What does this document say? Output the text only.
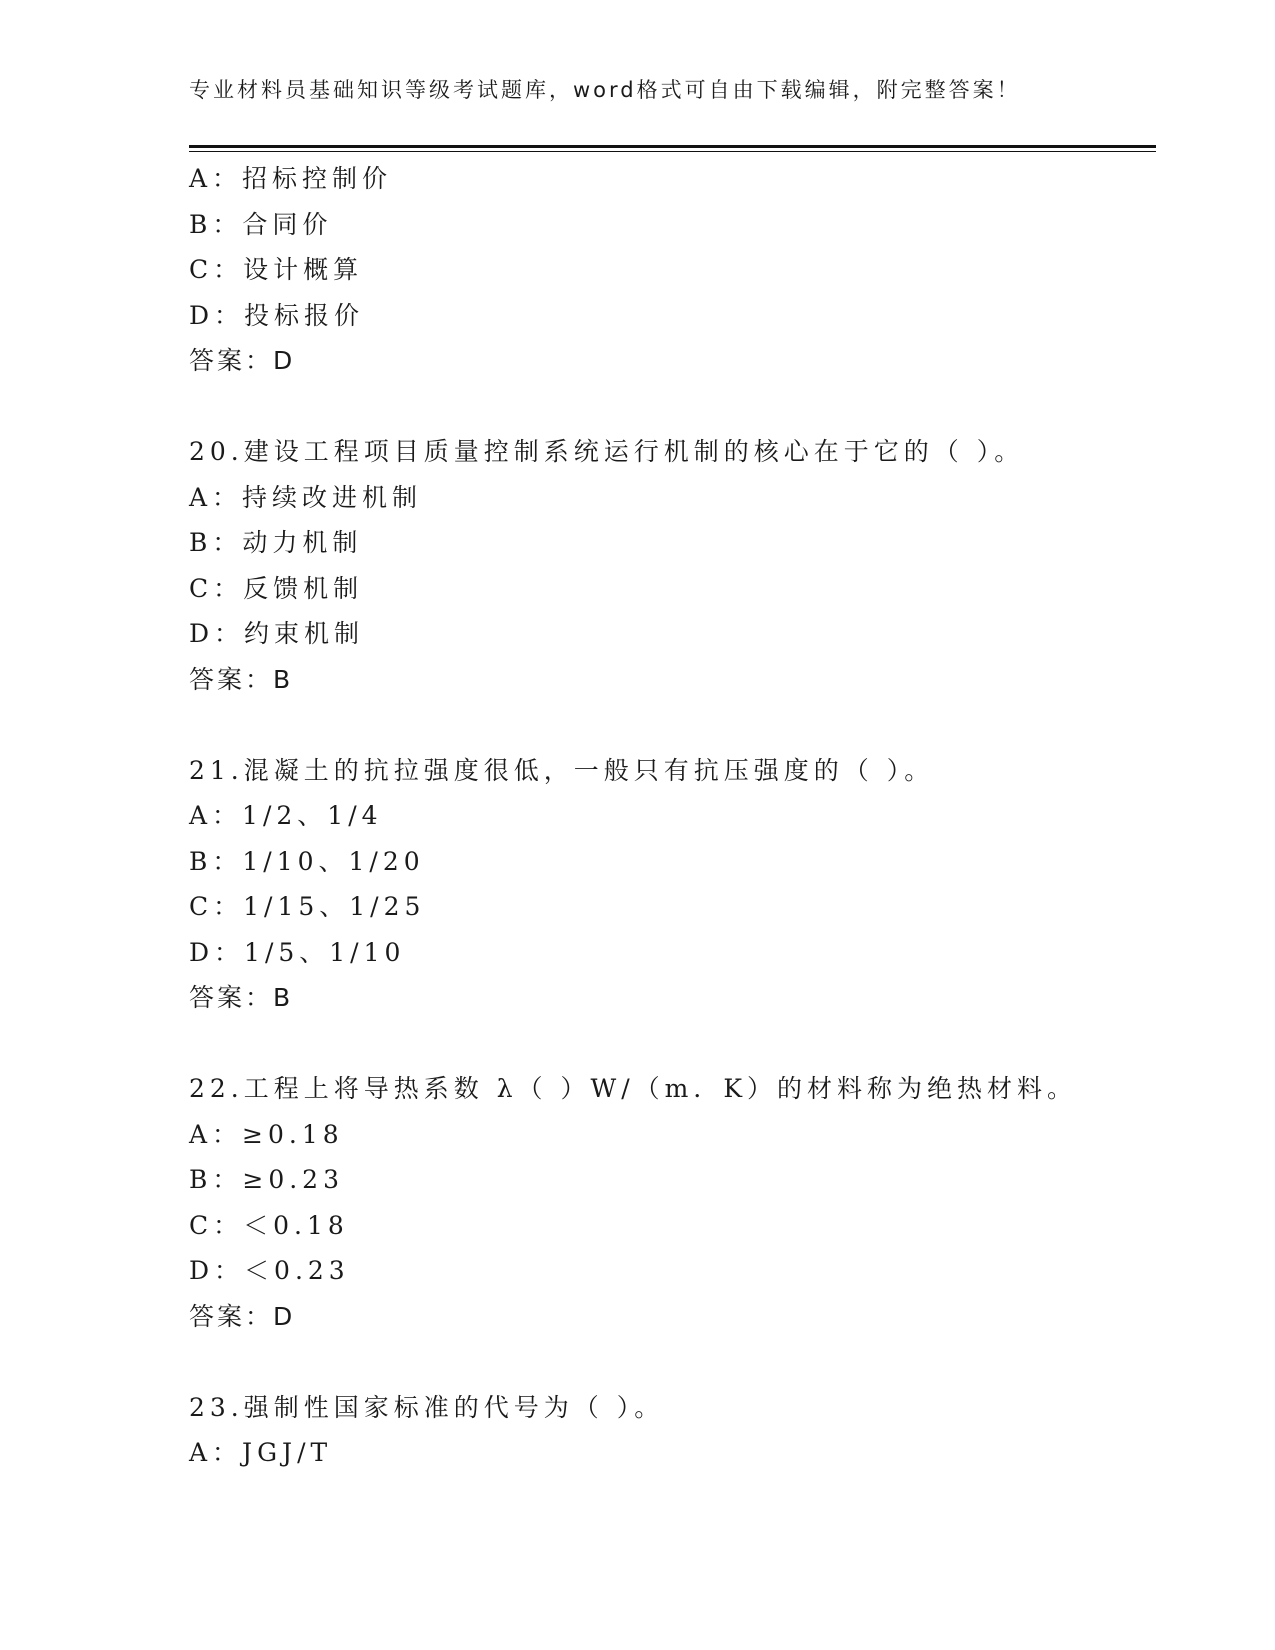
专业材料员基础知识等级考试题库，word格式可自由下载编辑，附完整答案！
A：招标控制价
B：合同价
C：设计概算
D：投标报价
答案：D
20.建设工程项目质量控制系统运行机制的核心在于它的（ ）。
A：持续改进机制
B：动力机制
C：反馈机制
D：约束机制
答案：B
21.混凝土的抗拉强度很低，一般只有抗压强度的（ ）。
A：1/2、1/4
B：1/10、1/20
C：1/15、1/25
D：1/5、1/10
答案：B
22.工程上将导热系数 λ（ ）W/（m．K）的材料称为绝热材料。
A：≥0.18
B：≥0.23
C：＜0.18
D：＜0.23
答案：D
23.强制性国家标准的代号为（ ）。
A：JGJ/T
